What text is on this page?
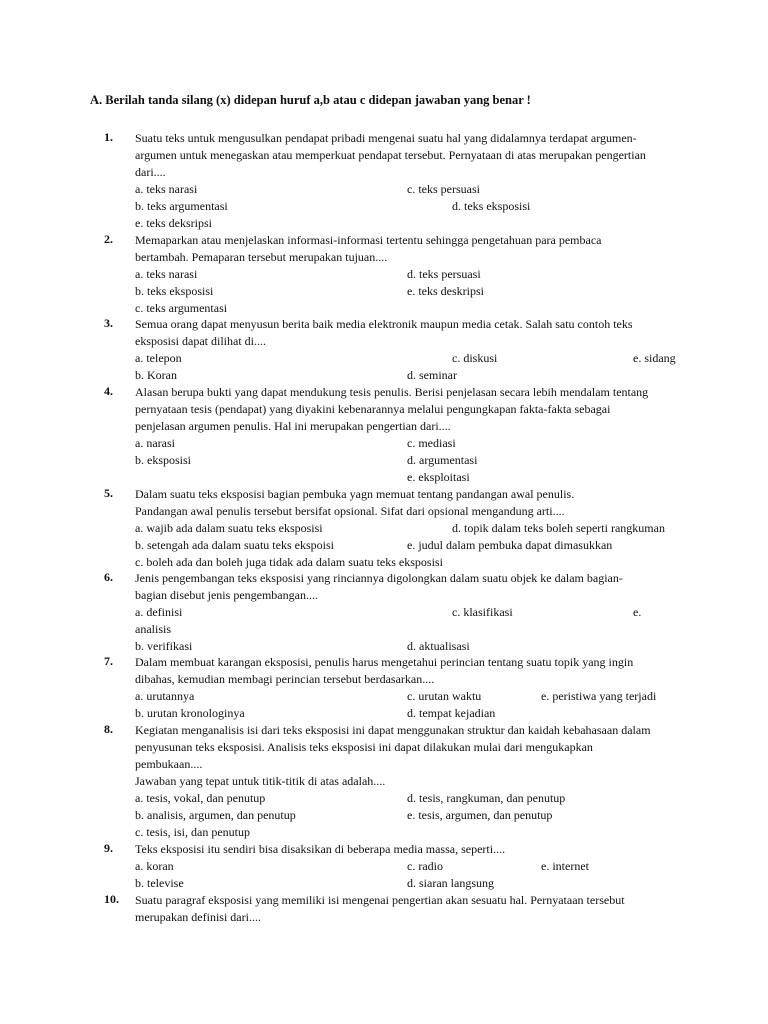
A. Berilah tanda silang (x) didepan huruf a,b atau c didepan jawaban yang benar !
1.	Suatu teks untuk mengusulkan pendapat pribadi mengenai suatu hal yang didalamnya terdapat argumen-
argumen untuk menegaskan atau memperkuat pendapat tersebut. Pernyataan di atas merupakan pengertian
dari....
a. teks narasi	c. teks persuasi
b. teks argumentasi	d. teks eksposisi
e. teks deksripsi
2.	Memaparkan atau menjelaskan informasi-informasi tertentu sehingga pengetahuan para pembaca
bertambah. Pemaparan tersebut merupakan tujuan....
a. teks narasi	d. teks persuasi
b. teks eksposisi	e. teks deskripsi
c. teks argumentasi
3.	Semua orang dapat menyusun berita baik media elektronik maupun media cetak. Salah satu contoh teks
eksposisi dapat dilihat di....
a. telepon	c. diskusi	e. sidang
b. Koran	d. seminar
4.	Alasan berupa bukti yang dapat mendukung tesis penulis. Berisi penjelasan secara lebih mendalam tentang
pernyataan tesis (pendapat) yang diyakini kebenarannya melalui pengungkapan fakta-fakta sebagai
penjelasan argumen penulis. Hal ini merupakan pengertian dari....
a. narasi	c. mediasi
b. eksposisi	d. argumentasi
e. eksploitasi
5.	Dalam suatu teks eksposisi bagian pembuka yagn memuat tentang pandangan awal penulis.
Pandangan awal penulis tersebut bersifat opsional. Sifat dari opsional mengandung arti....
a. wajib ada dalam suatu teks eksposisi	d. topik dalam teks boleh seperti rangkuman
b. setengah ada dalam suatu teks ekspoisi	e. judul dalam pembuka dapat dimasukkan
c. boleh ada dan boleh juga tidak ada dalam suatu teks eksposisi
6.	Jenis pengembangan teks eksposisi yang rinciannya digolongkan dalam suatu objek ke dalam bagian-
bagian disebut jenis pengembangan....
a. definisi	c. klasifikasi	e.
analisis
b. verifikasi	d. aktualisasi
7.	Dalam membuat karangan eksposisi, penulis harus mengetahui perincian tentang suatu topik yang ingin
dibahas, kemudian membagi perincian tersebut berdasarkan....
a. urutannya	c. urutan waktu	e. peristiwa yang terjadi
b. urutan kronologinya	d. tempat kejadian
8.	Kegiatan menganalisis isi dari teks eksposisi ini dapat menggunakan struktur dan kaidah kebahasaan dalam
penyusunan teks eksposisi. Analisis teks eksposisi ini dapat dilakukan mulai dari mengukapkan
pembukaan....
Jawaban yang tepat untuk titik-titik di atas adalah....
a. tesis, vokal, dan penutup	d. tesis, rangkuman, dan penutup
b. analisis, argumen, dan penutup	e. tesis, argumen, dan penutup
c. tesis, isi, dan penutup
9.	Teks eksposisi itu sendiri bisa disaksikan di beberapa media massa, seperti....
a. koran	c. radio	e. internet
b. televise	d. siaran langsung
10.	Suatu paragraf eksposisi yang memiliki isi mengenai pengertian akan sesuatu hal. Pernyataan tersebut
merupakan definisi dari....
